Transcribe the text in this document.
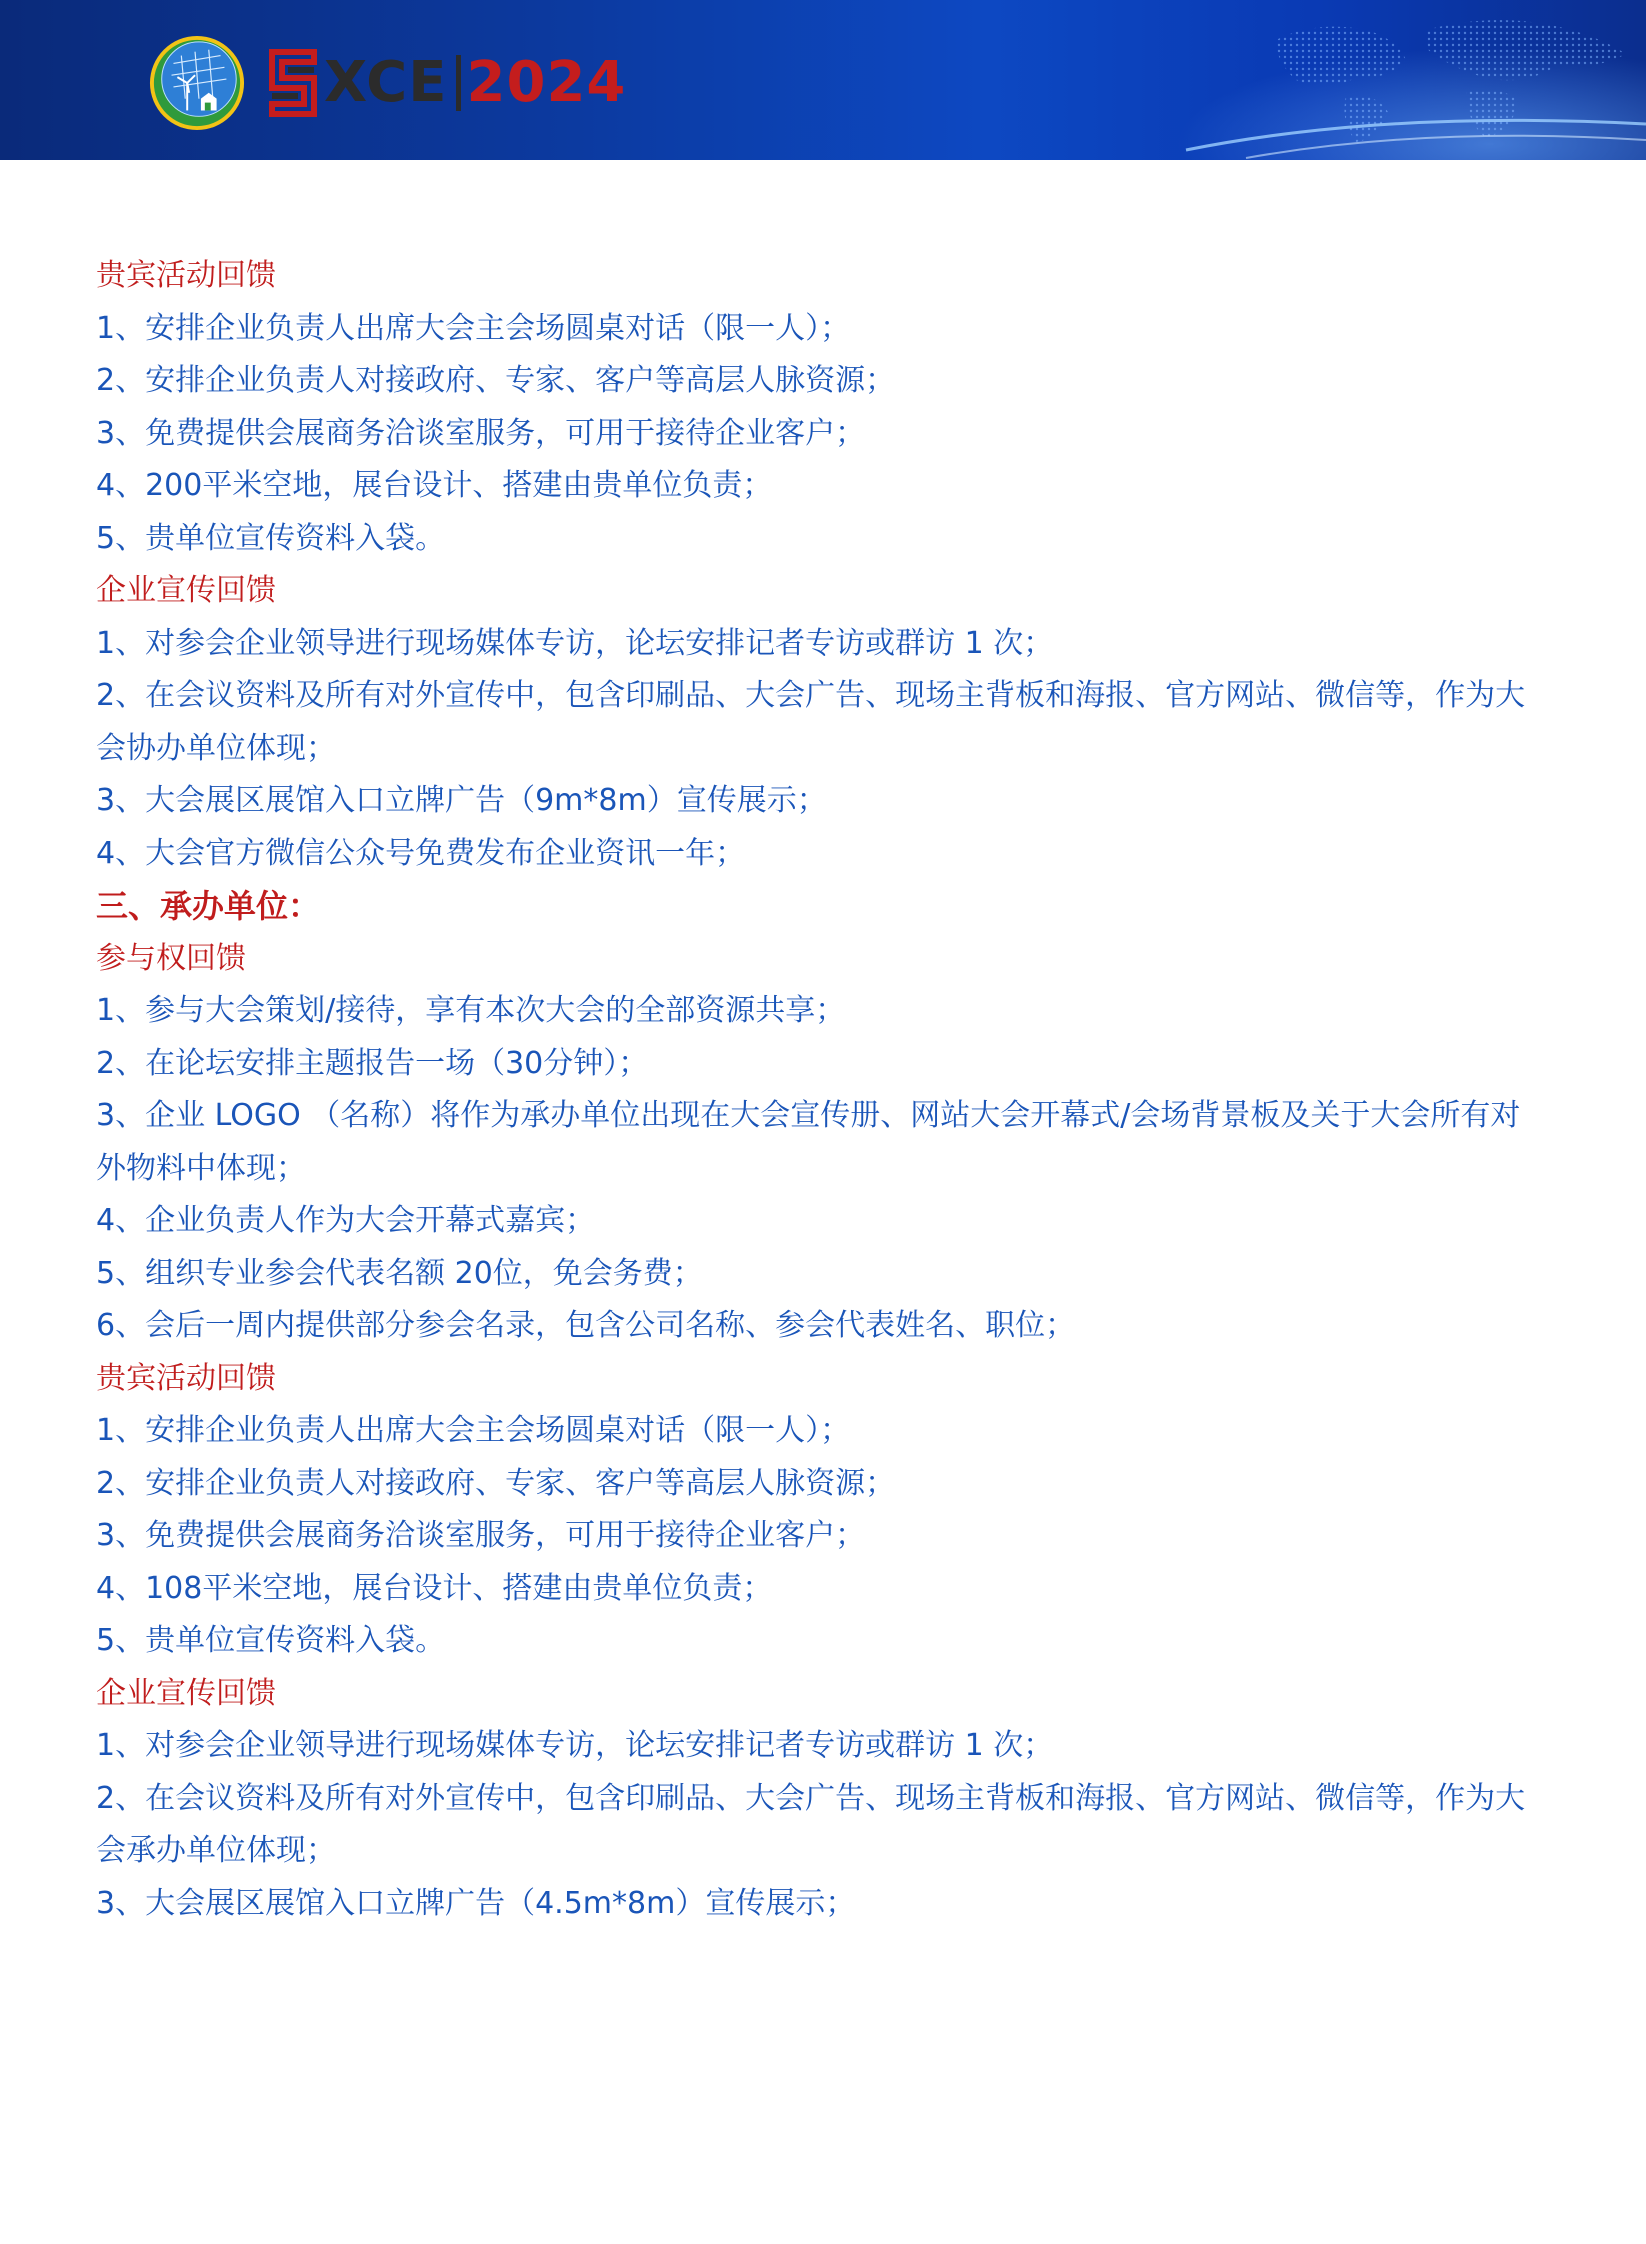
XCE 2024
贵宾活动回馈
1、安排企业负责人出席大会主会场圆桌对话（限一人）；
2、安排企业负责人对接政府、专家、客户等高层人脉资源；
3、免费提供会展商务洽谈室服务，可用于接待企业客户；
4、200平米空地，展台设计、搭建由贵单位负责；
5、贵单位宣传资料入袋。
企业宣传回馈
1、对参会企业领导进行现场媒体专访，论坛安排记者专访或群访 1 次；
2、在会议资料及所有对外宣传中，包含印刷品、大会广告、现场主背板和海报、官方网站、微信等，作为大
会协办单位体现；
3、大会展区展馆入口立牌广告（9m*8m）宣传展示；
4、大会官方微信公众号免费发布企业资讯一年；
三、承办单位：
参与权回馈
1、参与大会策划/接待，享有本次大会的全部资源共享；
2、在论坛安排主题报告一场（30分钟）；
3、企业 LOGO （名称）将作为承办单位出现在大会宣传册、网站大会开幕式/会场背景板及关于大会所有对
外物料中体现；
4、企业负责人作为大会开幕式嘉宾；
5、组织专业参会代表名额 20位，免会务费；
6、会后一周内提供部分参会名录，包含公司名称、参会代表姓名、职位；
贵宾活动回馈
1、安排企业负责人出席大会主会场圆桌对话（限一人）；
2、安排企业负责人对接政府、专家、客户等高层人脉资源；
3、免费提供会展商务洽谈室服务，可用于接待企业客户；
4、108平米空地，展台设计、搭建由贵单位负责；
5、贵单位宣传资料入袋。
企业宣传回馈
1、对参会企业领导进行现场媒体专访，论坛安排记者专访或群访 1 次；
2、在会议资料及所有对外宣传中，包含印刷品、大会广告、现场主背板和海报、官方网站、微信等，作为大
会承办单位体现；
3、大会展区展馆入口立牌广告（4.5m*8m）宣传展示；
